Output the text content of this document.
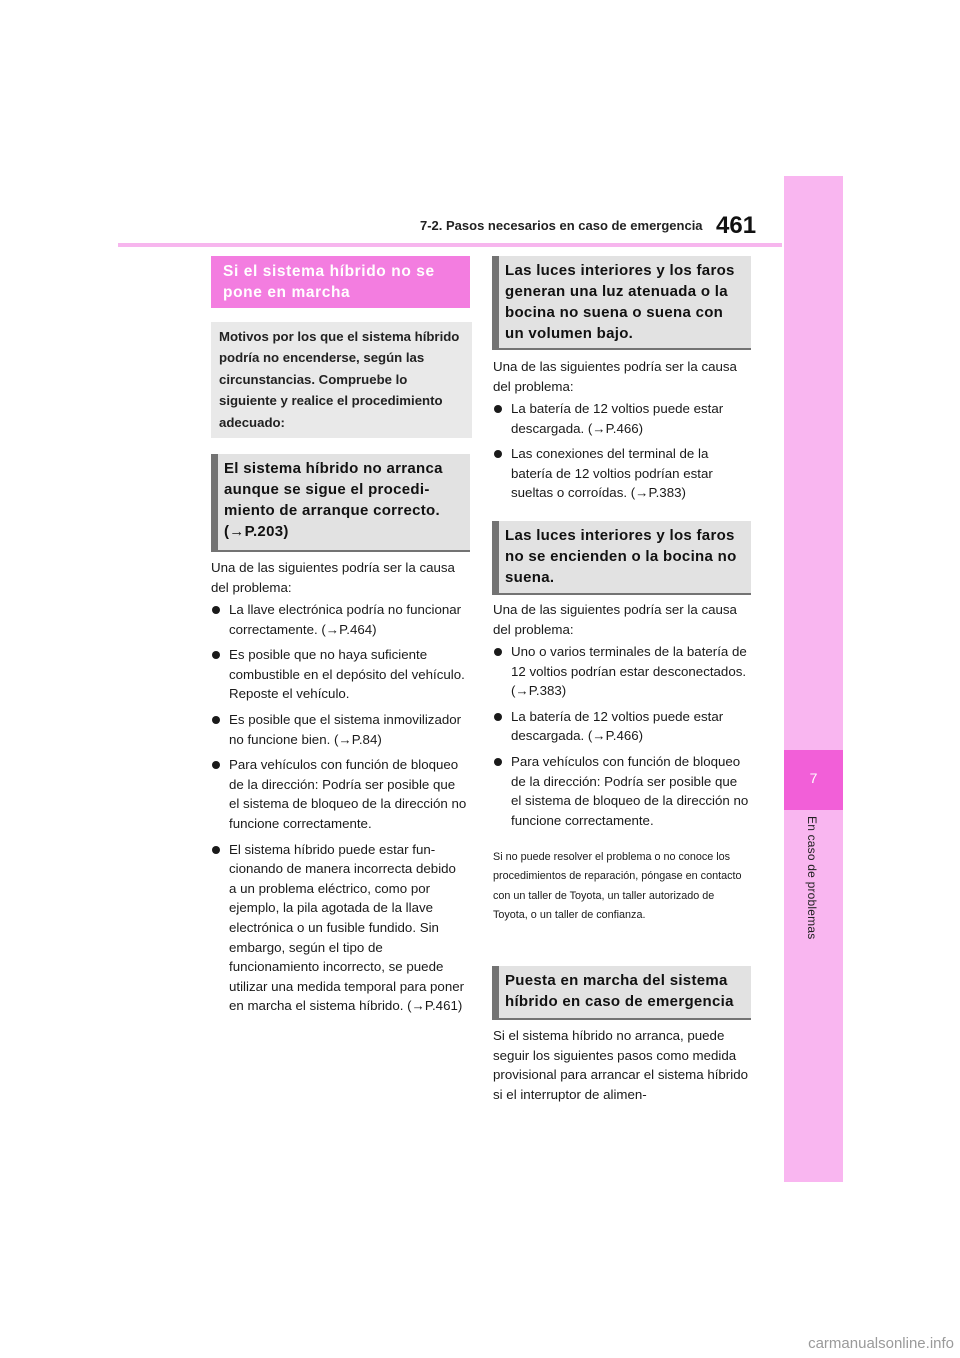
7-2. Pasos necesarios en caso de emergencia 461
7
En caso de problemas
Si el sistema híbrido no se pone en marcha
Motivos por los que el sistema híbrido podría no encenderse, según las circunstancias. Compruebe lo siguiente y realice el procedimiento adecuado:
El sistema híbrido no arranca aunque se sigue el procedimiento de arranque correcto. (→P.203)
Una de las siguientes podría ser la causa del problema:
La llave electrónica podría no funcionar correctamente. (→P.464)
Es posible que no haya suficiente combustible en el depósito del vehículo.
Reposte el vehículo.
Es posible que el sistema inmovilizador no funcione bien. (→P.84)
Para vehículos con función de bloqueo de la dirección: Podría ser posible que el sistema de bloqueo de la dirección no funcione correctamente.
El sistema híbrido puede estar funcionando de manera incorrecta debido a un problema eléctrico, como por ejemplo, la pila agotada de la llave electrónica o un fusible fundido. Sin embargo, según el tipo de funcionamiento incorrecto, se puede utilizar una medida temporal para poner en marcha el sistema híbrido. (→P.461)
Las luces interiores y los faros generan una luz atenuada o la bocina no suena o suena con un volumen bajo.
Una de las siguientes podría ser la causa del problema:
La batería de 12 voltios puede estar descargada. (→P.466)
Las conexiones del terminal de la batería de 12 voltios podrían estar sueltas o corroídas. (→P.383)
Las luces interiores y los faros no se encienden o la bocina no suena.
Una de las siguientes podría ser la causa del problema:
Uno o varios terminales de la batería de 12 voltios podrían estar desconectados. (→P.383)
La batería de 12 voltios puede estar descargada. (→P.466)
Para vehículos con función de bloqueo de la dirección: Podría ser posible que el sistema de bloqueo de la dirección no funcione correctamente.
Si no puede resolver el problema o no conoce los procedimientos de reparación, póngase en contacto con un taller de Toyota, un taller autorizado de Toyota, o un taller de confianza.
Puesta en marcha del sistema híbrido en caso de emergencia
Si el sistema híbrido no arranca, puede seguir los siguientes pasos como medida provisional para arrancar el sistema híbrido si el interruptor de alimen-
carmanualsonline.info
